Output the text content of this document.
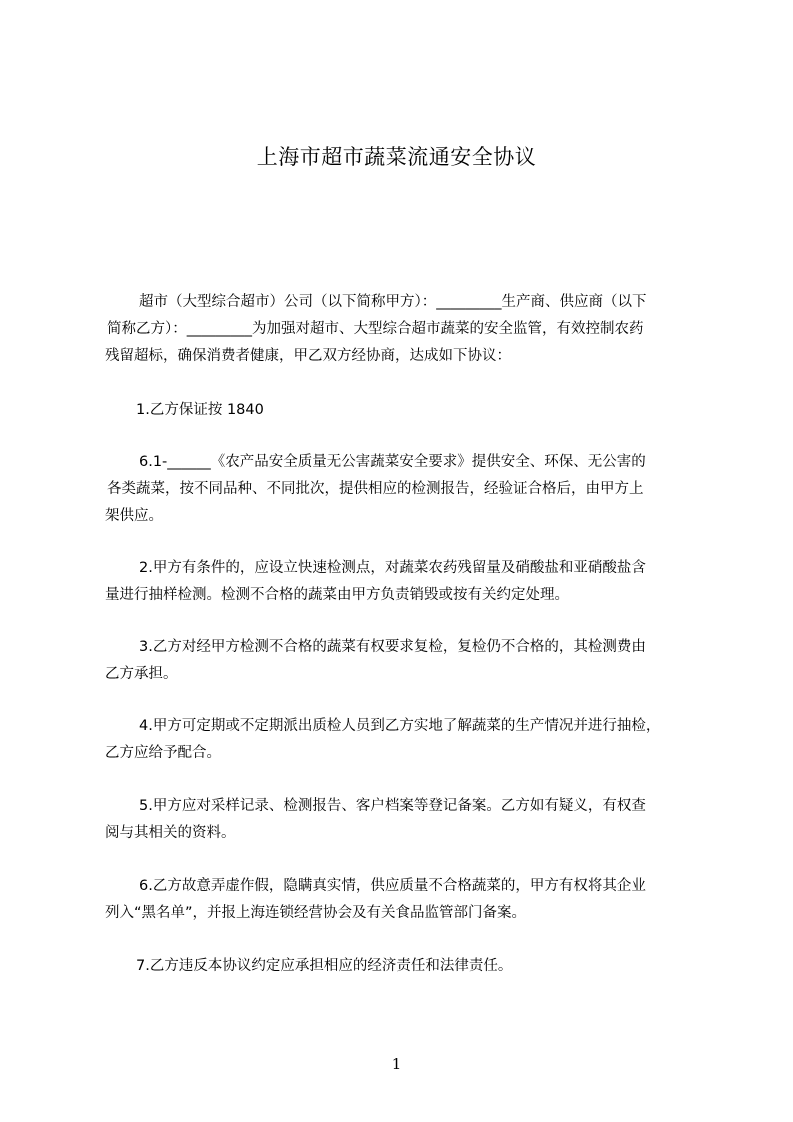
上海市超市蔬菜流通安全协议
超市（大型综合超市）公司（以下简称甲方）：_________生产商、供应商（以下
简称乙方）：_________为加强对超市、大型综合超市蔬菜的安全监管，有效控制农药
残留超标，确保消费者健康，甲乙双方经协商，达成如下协议：
1.乙方保证按 1840
6.1-______《农产品安全质量无公害蔬菜安全要求》提供安全、环保、无公害的
各类蔬菜，按不同品种、不同批次，提供相应的检测报告，经验证合格后，由甲方上
架供应。
2.甲方有条件的，应设立快速检测点，对蔬菜农药残留量及硝酸盐和亚硝酸盐含
量进行抽样检测。检测不合格的蔬菜由甲方负责销毁或按有关约定处理。
3.乙方对经甲方检测不合格的蔬菜有权要求复检，复检仍不合格的，其检测费由
乙方承担。
4.甲方可定期或不定期派出质检人员到乙方实地了解蔬菜的生产情况并进行抽检，
乙方应给予配合。
5.甲方应对采样记录、检测报告、客户档案等登记备案。乙方如有疑义，有权查
阅与其相关的资料。
6.乙方故意弄虚作假，隐瞒真实情，供应质量不合格蔬菜的，甲方有权将其企业
列入“黑名单”，并报上海连锁经营协会及有关食品监管部门备案。
7.乙方违反本协议约定应承担相应的经济责任和法律责任。
1
